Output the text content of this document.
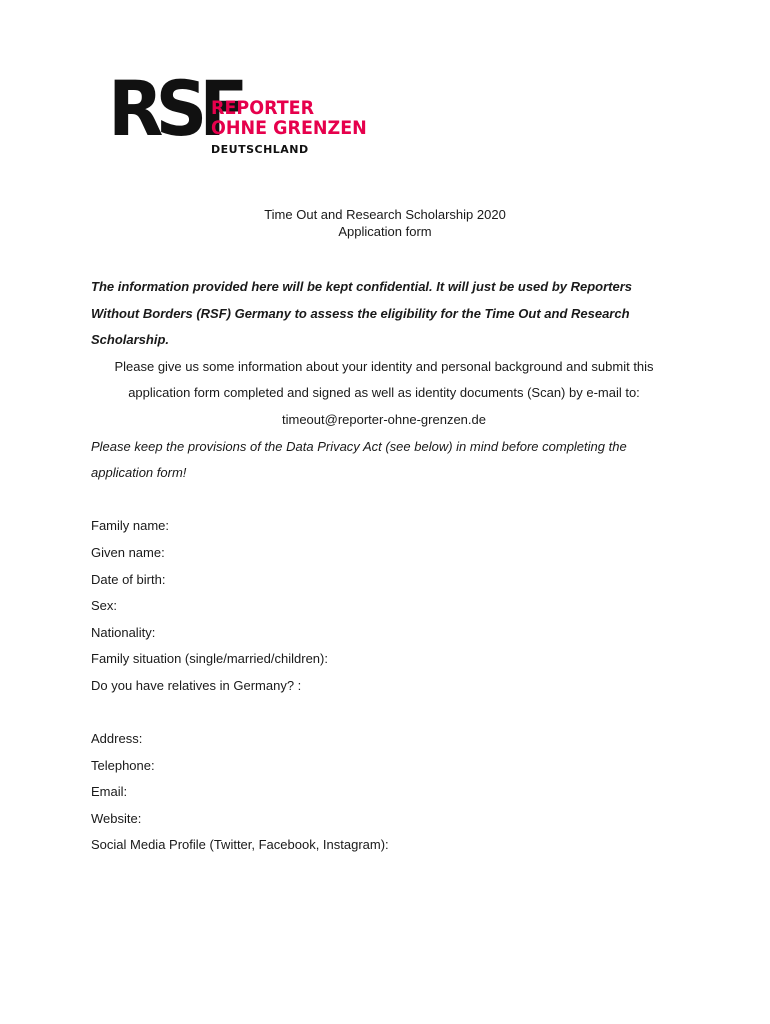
RSF
REPORTER
OHNE GRENZEN
DEUTSCHLAND
Time Out and Research Scholarship 2020
Application form

The information provided here will be kept confidential. It will just be used by Reporters Without Borders (RSF) Germany to assess the eligibility for the Time Out and Research Scholarship.

Please give us some information about your identity and personal background and submit this application form completed and signed as well as identity documents (Scan) by e-mail to:

timeout@reporter-ohne-grenzen.de

Please keep the provisions of the Data Privacy Act (see below) in mind before completing the application form!

Family name:
Given name:
Date of birth:
Sex:
Nationality:
Family situation (single/married/children):
Do you have relatives in Germany? :
Address:
Telephone:
Email:
Website:
Social Media Profile (Twitter, Facebook, Instagram):
